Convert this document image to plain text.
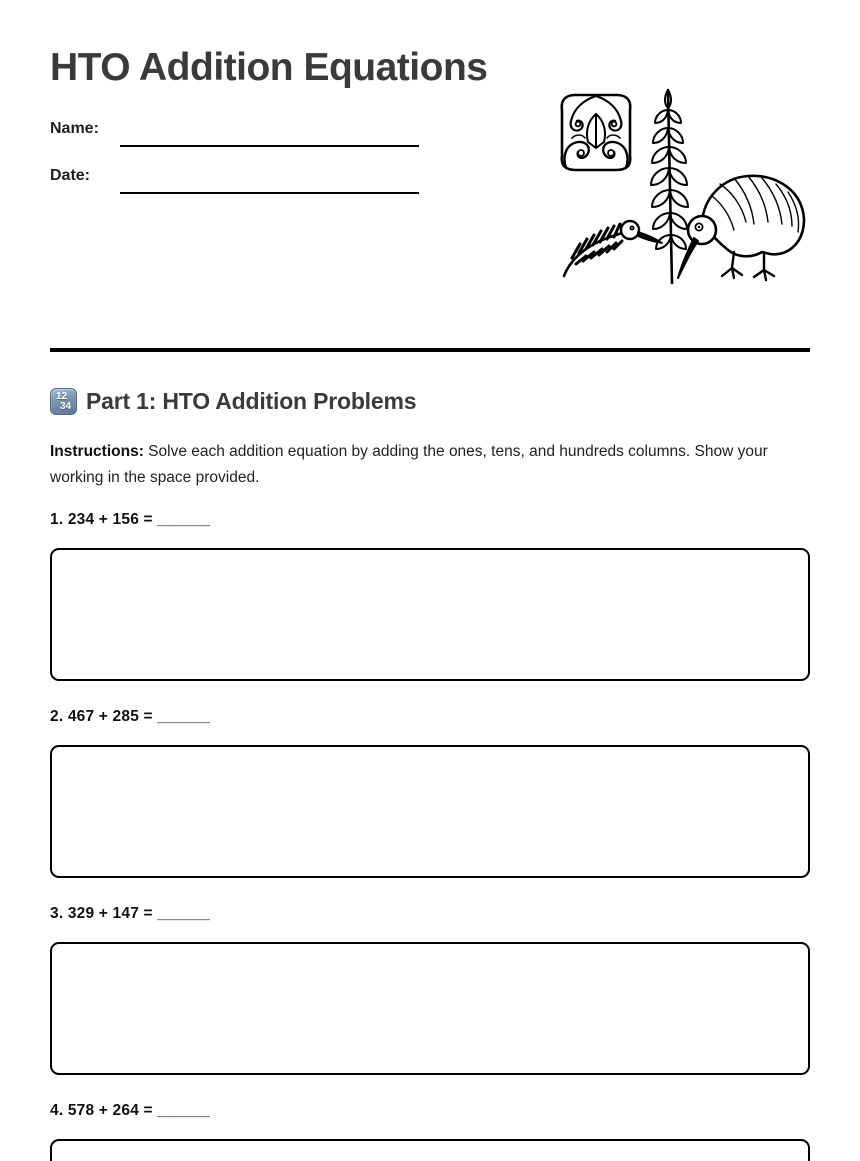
HTO Addition Equations
Name:
Date:
12
34 Part 1: HTO Addition Problems

Instructions: Solve each addition equation by adding the ones, tens, and hundreds columns. Show your working in the space provided.

1. 234 + 156 = ______
2. 467 + 285 = ______
3. 329 + 147 = ______
4. 578 + 264 = ______
